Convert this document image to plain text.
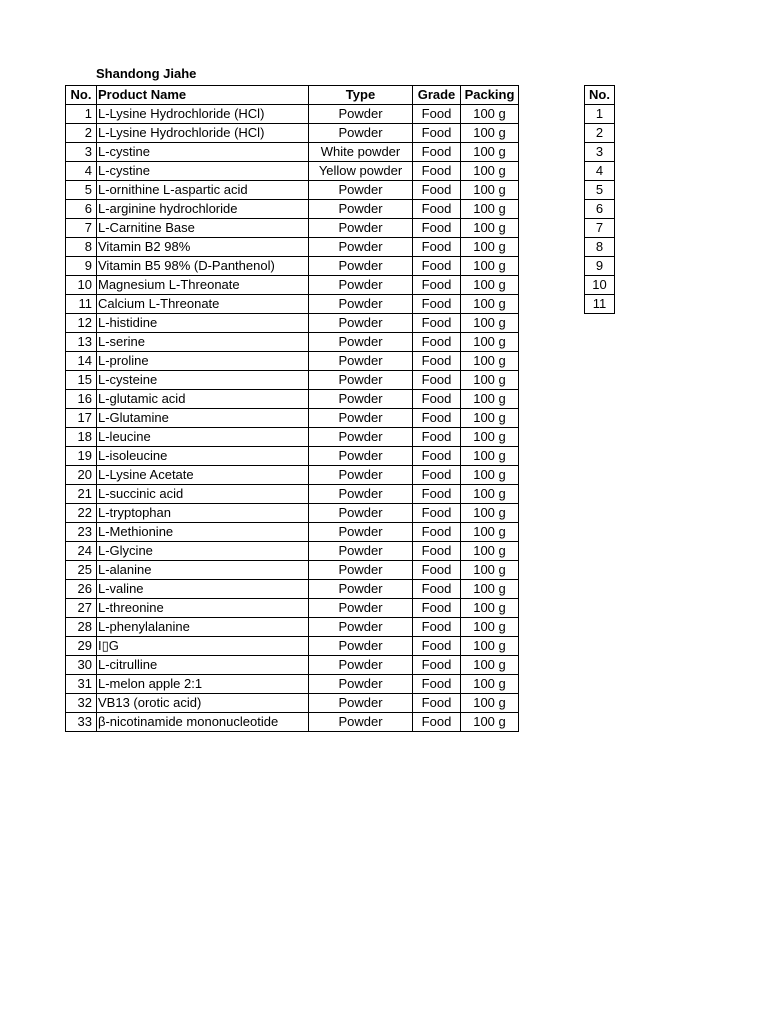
Shandong Jiahe
No.	Product Name	Type	Grade	Packing
1	L-Lysine Hydrochloride (HCl)	Powder	Food	100 g
2	L-Lysine Hydrochloride (HCl)	Powder	Food	100 g
3	L-cystine	White powder	Food	100 g
4	L-cystine	Yellow powder	Food	100 g
5	L-ornithine L-aspartic acid	Powder	Food	100 g
6	L-arginine hydrochloride	Powder	Food	100 g
7	L-Carnitine Base	Powder	Food	100 g
8	Vitamin B2 98%	Powder	Food	100 g
9	Vitamin B5 98% (D-Panthenol)	Powder	Food	100 g
10	Magnesium L-Threonate	Powder	Food	100 g
11	Calcium L-Threonate	Powder	Food	100 g
12	L-histidine	Powder	Food	100 g
13	L-serine	Powder	Food	100 g
14	L-proline	Powder	Food	100 g
15	L-cysteine	Powder	Food	100 g
16	L-glutamic acid	Powder	Food	100 g
17	L-Glutamine	Powder	Food	100 g
18	L-leucine	Powder	Food	100 g
19	L-isoleucine	Powder	Food	100 g
20	L-Lysine Acetate	Powder	Food	100 g
21	L-succinic acid	Powder	Food	100 g
22	L-tryptophan	Powder	Food	100 g
23	L-Methionine	Powder	Food	100 g
24	L-Glycine	Powder	Food	100 g
25	L-alanine	Powder	Food	100 g
26	L-valine	Powder	Food	100 g
27	L-threonine	Powder	Food	100 g
28	L-phenylalanine	Powder	Food	100 g
29	I▯G	Powder	Food	100 g
30	L-citrulline	Powder	Food	100 g
31	L-melon apple 2:1	Powder	Food	100 g
32	VB13 (orotic acid)	Powder	Food	100 g
33	β-nicotinamide mononucleotide	Powder	Food	100 g
No.
1
2
3
4
5
6
7
8
9
10
11
